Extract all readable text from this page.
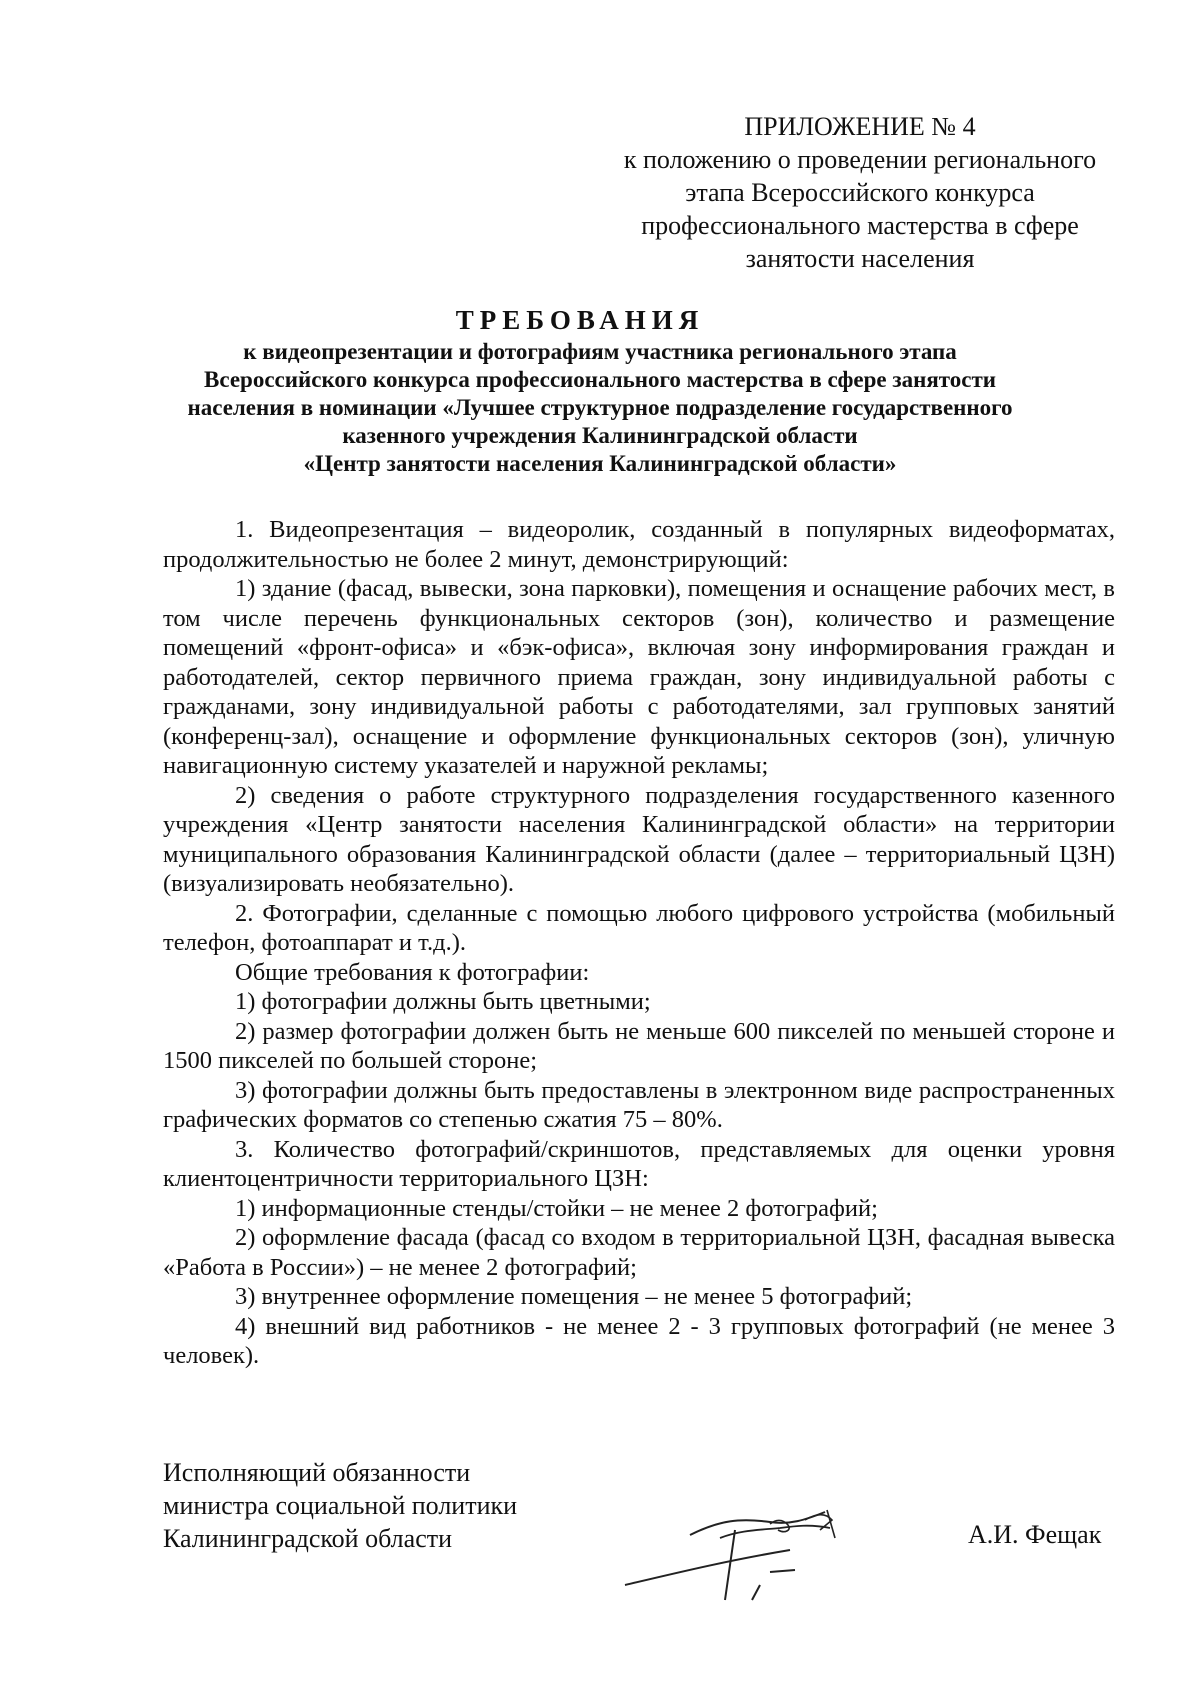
ПРИЛОЖЕНИЕ № 4
к положению о проведении регионального
этапа Всероссийского конкурса
профессионального мастерства в сфере
занятости населения
ТРЕБОВАНИЯ
к видеопрезентации и фотографиям участника регионального этапа
Всероссийского конкурса профессионального мастерства в сфере занятости
населения в номинации «Лучшее структурное подразделение государственного
казенного учреждения Калининградской области
«Центр занятости населения Калининградской области»

1. Видеопрезентация – видеоролик, созданный в популярных видеоформатах, продолжительностью не более 2 минут, демонстрирующий:

1) здание (фасад, вывески, зона парковки), помещения и оснащение рабочих мест, в том числе перечень функциональных секторов (зон), количество и размещение помещений «фронт-офиса» и «бэк-офиса», включая зону информирования граждан и работодателей, сектор первичного приема граждан, зону индивидуальной работы с гражданами, зону индивидуальной работы с работодателями, зал групповых занятий (конференц-зал), оснащение и оформление функциональных секторов (зон), уличную навигационную систему указателей и наружной рекламы;

2) сведения о работе структурного подразделения государственного казенного учреждения «Центр занятости населения Калининградской области» на территории муниципального образования Калининградской области (далее – территориальный ЦЗН) (визуализировать необязательно).

2. Фотографии, сделанные с помощью любого цифрового устройства (мобильный телефон, фотоаппарат и т.д.).

Общие требования к фотографии:

1) фотографии должны быть цветными;

2) размер фотографии должен быть не меньше 600 пикселей по меньшей стороне и 1500 пикселей по большей стороне;

3) фотографии должны быть предоставлены в электронном виде распространенных графических форматов со степенью сжатия 75 – 80%.

3. Количество фотографий/скриншотов, представляемых для оценки уровня клиентоцентричности территориального ЦЗН:

1) информационные стенды/стойки – не менее 2 фотографий;

2) оформление фасада (фасад со входом в территориальной ЦЗН, фасадная вывеска «Работа в России») – не менее 2 фотографий;

3) внутреннее оформление помещения – не менее 5 фотографий;

4) внешний вид работников - не менее 2 - 3 групповых фотографий (не менее 3 человек).

Исполняющий обязанности
министра социальной политики
Калининградской области	А.И. Фещак
